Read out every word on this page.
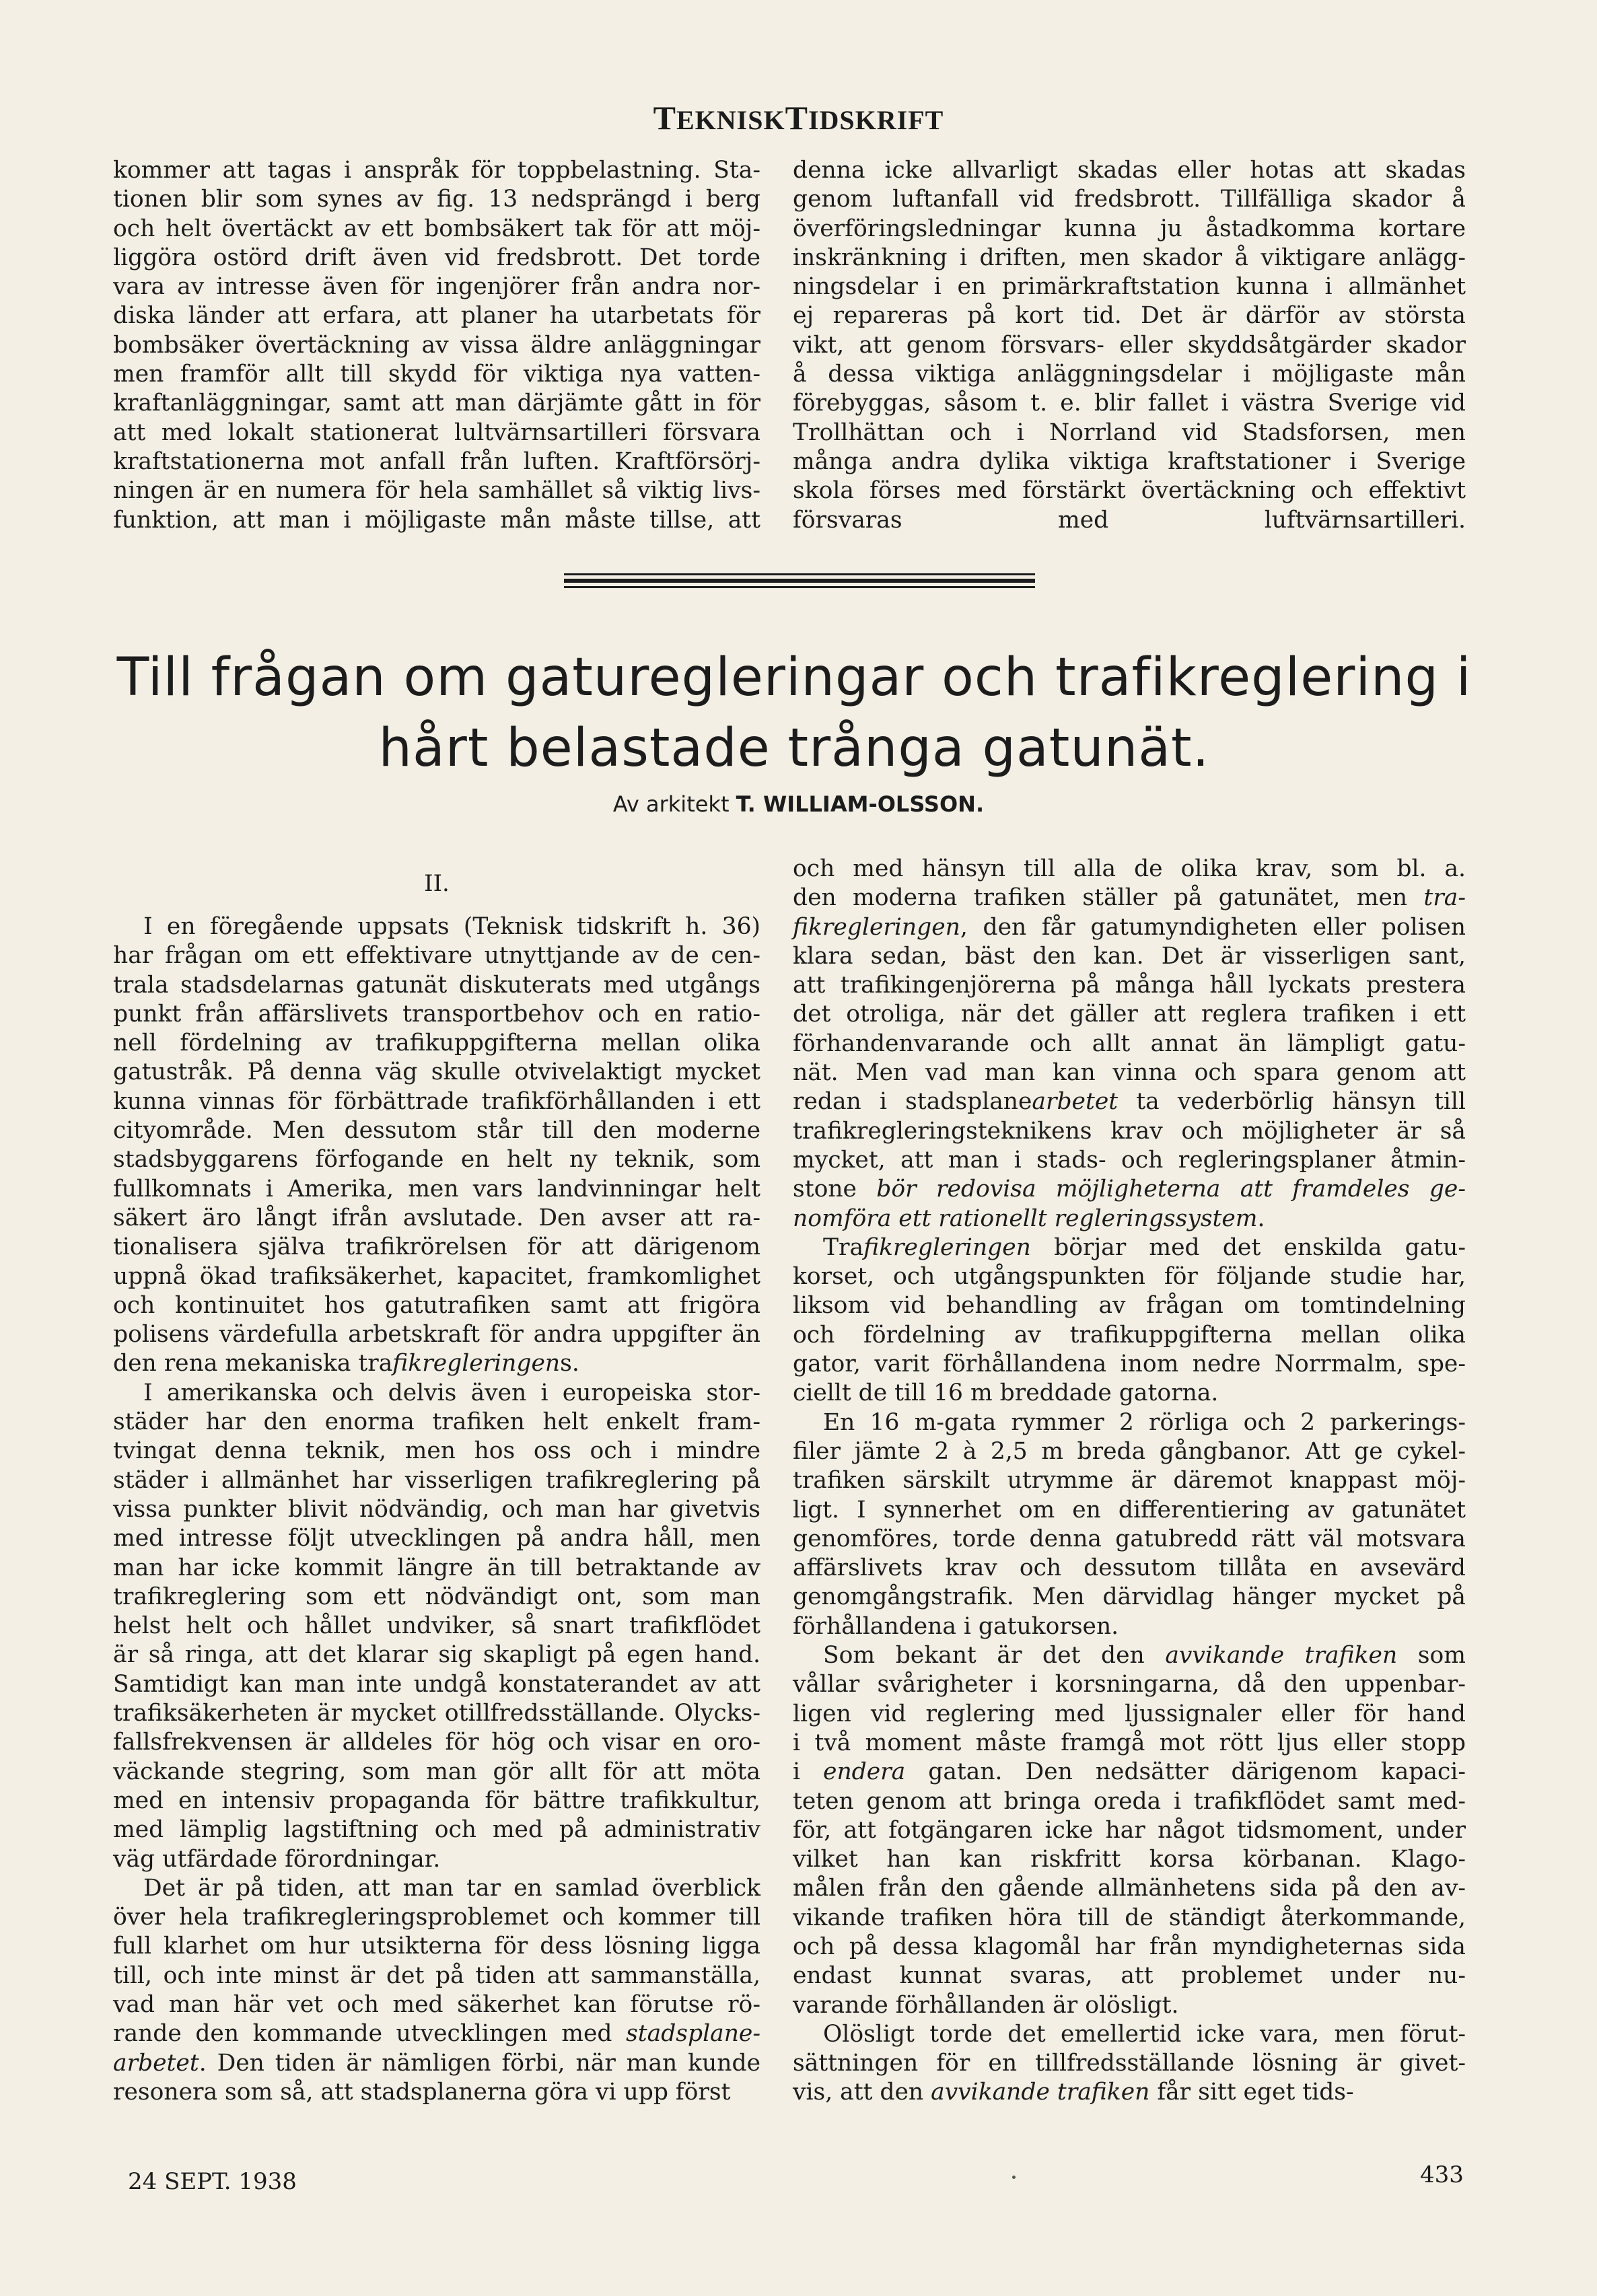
TEKNISKTIDSKRIFT
kommer att tagas i anspråk för toppbelastning. Sta-
tionen blir som synes av fig. 13 nedsprängd i berg
och helt övertäckt av ett bombsäkert tak för att möj-
liggöra ostörd drift även vid fredsbrott. Det torde
vara av intresse även för ingenjörer från andra nor-
diska länder att erfara, att planer ha utarbetats för
bombsäker övertäckning av vissa äldre anläggningar
men framför allt till skydd för viktiga nya vatten-
kraftanläggningar, samt att man därjämte gått in för
att med lokalt stationerat lultvärnsartilleri försvara
kraftstationerna mot anfall från luften. Kraftförsörj-
ningen är en numera för hela samhället så viktig livs-
funktion, att man i möjligaste mån måste tillse, att
denna icke allvarligt skadas eller hotas att skadas
genom luftanfall vid fredsbrott. Tillfälliga skador å
överföringsledningar kunna ju åstadkomma kortare
inskränkning i driften, men skador å viktigare anlägg-
ningsdelar i en primärkraftstation kunna i allmänhet
ej repareras på kort tid. Det är därför av största
vikt, att genom försvars- eller skyddsåtgärder skador
å dessa viktiga anläggningsdelar i möjligaste mån
förebyggas, såsom t. e. blir fallet i västra Sverige vid
Trollhättan och i Norrland vid Stadsforsen, men
många andra dylika viktiga kraftstationer i Sverige
skola förses med förstärkt övertäckning och effektivt
försvaras med luftvärnsartilleri.
Till frågan om gaturegleringar och trafikreglering i
hårt belastade trånga gatunät.
Av arkitekt T. WILLIAM-OLSSON.
II.

I en föregående uppsats (Teknisk tidskrift h. 36)
har frågan om ett effektivare utnyttjande av de cen-
trala stadsdelarnas gatunät diskuterats med utgångs
punkt från affärslivets transportbehov och en ratio-
nell fördelning av trafikuppgifterna mellan olika
gatustråk. På denna väg skulle otvivelaktigt mycket
kunna vinnas för förbättrade trafikförhållanden i ett
cityområde. Men dessutom står till den moderne
stadsbyggarens förfogande en helt ny teknik, som
fullkomnats i Amerika, men vars landvinningar helt
säkert äro långt ifrån avslutade. Den avser att ra-
tionalisera själva trafikrörelsen för att därigenom
uppnå ökad trafiksäkerhet, kapacitet, framkomlighet
och kontinuitet hos gatutrafiken samt att frigöra
polisens värdefulla arbetskraft för andra uppgifter än
den rena mekaniska trafikregleringens.

I amerikanska och delvis även i europeiska stor-
städer har den enorma trafiken helt enkelt fram-
tvingat denna teknik, men hos oss och i mindre
städer i allmänhet har visserligen trafikreglering på
vissa punkter blivit nödvändig, och man har givetvis
med intresse följt utvecklingen på andra håll, men
man har icke kommit längre än till betraktande av
trafikreglering som ett nödvändigt ont, som man
helst helt och hållet undviker, så snart trafikflödet
är så ringa, att det klarar sig skapligt på egen hand.
Samtidigt kan man inte undgå konstaterandet av att
trafiksäkerheten är mycket otillfredsställande. Olycks-
fallsfrekvensen är alldeles för hög och visar en oro-
väckande stegring, som man gör allt för att möta
med en intensiv propaganda för bättre trafikkultur,
med lämplig lagstiftning och med på administrativ
väg utfärdade förordningar.

Det är på tiden, att man tar en samlad överblick
över hela trafikregleringsproblemet och kommer till
full klarhet om hur utsikterna för dess lösning ligga
till, och inte minst är det på tiden att sammanställa,
vad man här vet och med säkerhet kan förutse rö-
rande den kommande utvecklingen med stadsplane-
arbetet. Den tiden är nämligen förbi, när man kunde
resonera som så, att stadsplanerna göra vi upp först

och med hänsyn till alla de olika krav, som bl. a.
den moderna trafiken ställer på gatunätet, men tra-
fikregleringen, den får gatumyndigheten eller polisen
klara sedan, bäst den kan. Det är visserligen sant,
att trafikingenjörerna på många håll lyckats prestera
det otroliga, när det gäller att reglera trafiken i ett
förhandenvarande och allt annat än lämpligt gatu-
nät. Men vad man kan vinna och spara genom att
redan i stadsplanearbetet ta vederbörlig hänsyn till
trafikregleringsteknikens krav och möjligheter är så
mycket, att man i stads- och regleringsplaner åtmin-
stone bör redovisa möjligheterna att framdeles ge-
nomföra ett rationellt regleringssystem.

Trafikregleringen börjar med det enskilda gatu-
korset, och utgångspunkten för följande studie har,
liksom vid behandling av frågan om tomtindelning
och fördelning av trafikuppgifterna mellan olika
gator, varit förhållandena inom nedre Norrmalm, spe-
ciellt de till 16 m breddade gatorna.

En 16 m-gata rymmer 2 rörliga och 2 parkerings-
filer jämte 2 à 2,5 m breda gångbanor. Att ge cykel-
trafiken särskilt utrymme är däremot knappast möj-
ligt. I synnerhet om en differentiering av gatunätet
genomföres, torde denna gatubredd rätt väl motsvara
affärslivets krav och dessutom tillåta en avsevärd
genomgångstrafik. Men därvidlag hänger mycket på
förhållandena i gatukorsen.

Som bekant är det den avvikande trafiken som
vållar svårigheter i korsningarna, då den uppenbar-
ligen vid reglering med ljussignaler eller för hand
i två moment måste framgå mot rött ljus eller stopp
i endera gatan. Den nedsätter därigenom kapaci-
teten genom att bringa oreda i trafikflödet samt med-
för, att fotgängaren icke har något tidsmoment, under
vilket han kan riskfritt korsa körbanan. Klago-
målen från den gående allmänhetens sida på den av-
vikande trafiken höra till de ständigt återkommande,
och på dessa klagomål har från myndigheternas sida
endast kunnat svaras, att problemet under nu-
varande förhållanden är olösligt.

Olösligt torde det emellertid icke vara, men förut-
sättningen för en tillfredsställande lösning är givet-
vis, att den avvikande trafiken får sitt eget tids-

24 SEPT. 1938	433
